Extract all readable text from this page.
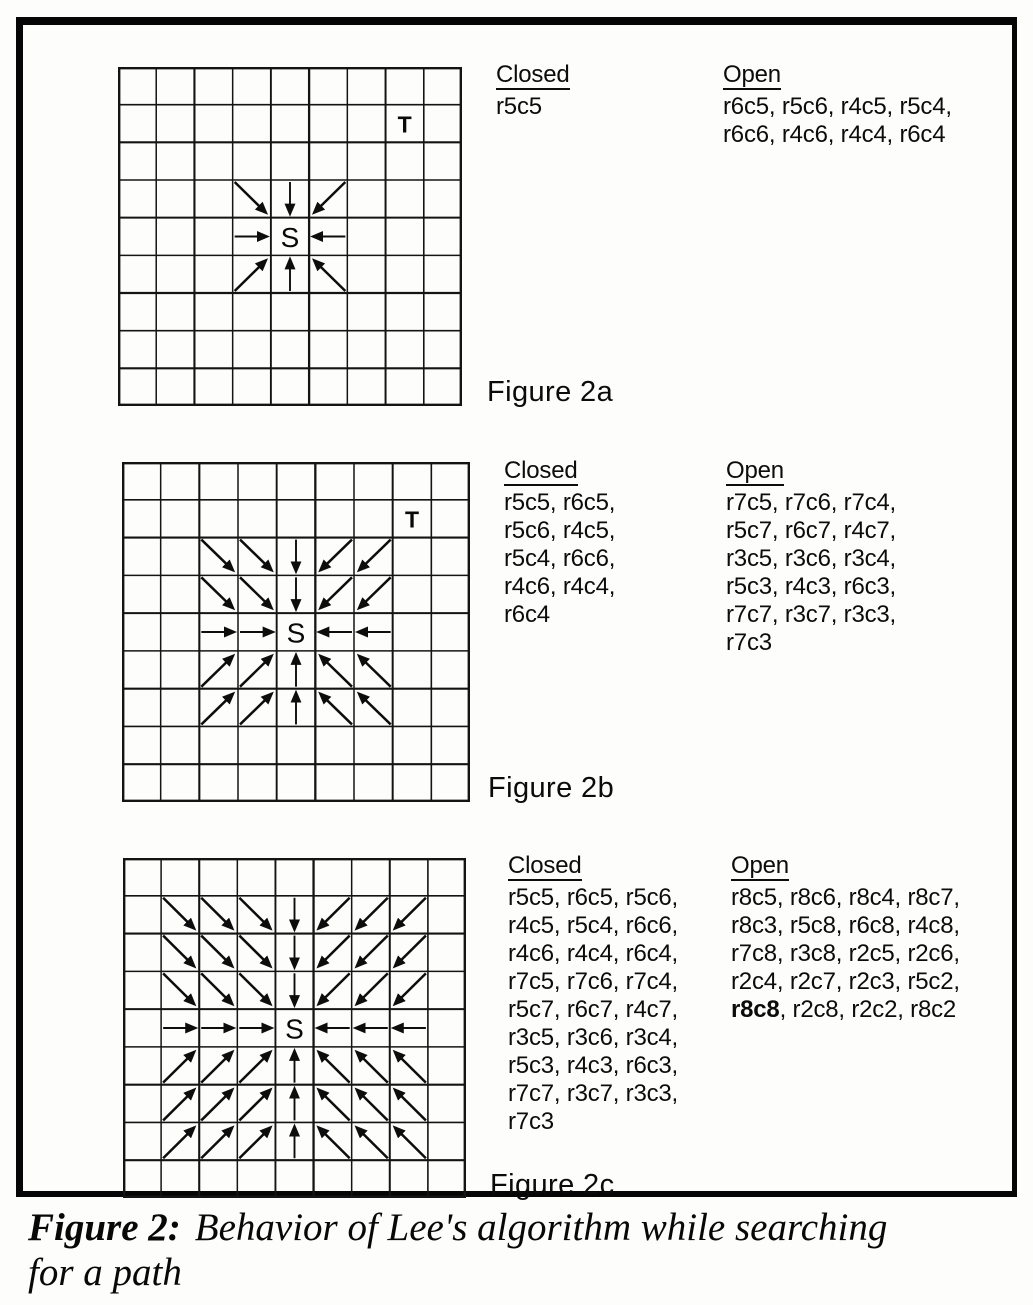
S
T
Closed
r5c5
Open
r6c5, r5c6, r4c5, r5c4,
r6c6, r4c6, r4c4, r6c4
Figure 2a
S
T
Closed
r5c5, r6c5,
r5c6, r4c5,
r5c4, r6c6,
r4c6, r4c4,
r6c4
Open
r7c5, r7c6, r7c4,
r5c7, r6c7, r4c7,
r3c5, r3c6, r3c4,
r5c3, r4c3, r6c3,
r7c7, r3c7, r3c3,
r7c3
Figure 2b
S
Closed
r5c5, r6c5, r5c6,
r4c5, r5c4, r6c6,
r4c6, r4c4, r6c4,
r7c5, r7c6, r7c4,
r5c7, r6c7, r4c7,
r3c5, r3c6, r3c4,
r5c3, r4c3, r6c3,
r7c7, r3c7, r3c3,
r7c3
Open
r8c5, r8c6, r8c4, r8c7,
r8c3, r5c8, r6c8, r4c8,
r7c8, r3c8, r2c5, r2c6,
r2c4, r2c7, r2c3, r5c2,
r8c8, r2c8, r2c2, r8c2
Figure 2c
Figure 2: Behavior of Lee's algorithm while searching
for a path
